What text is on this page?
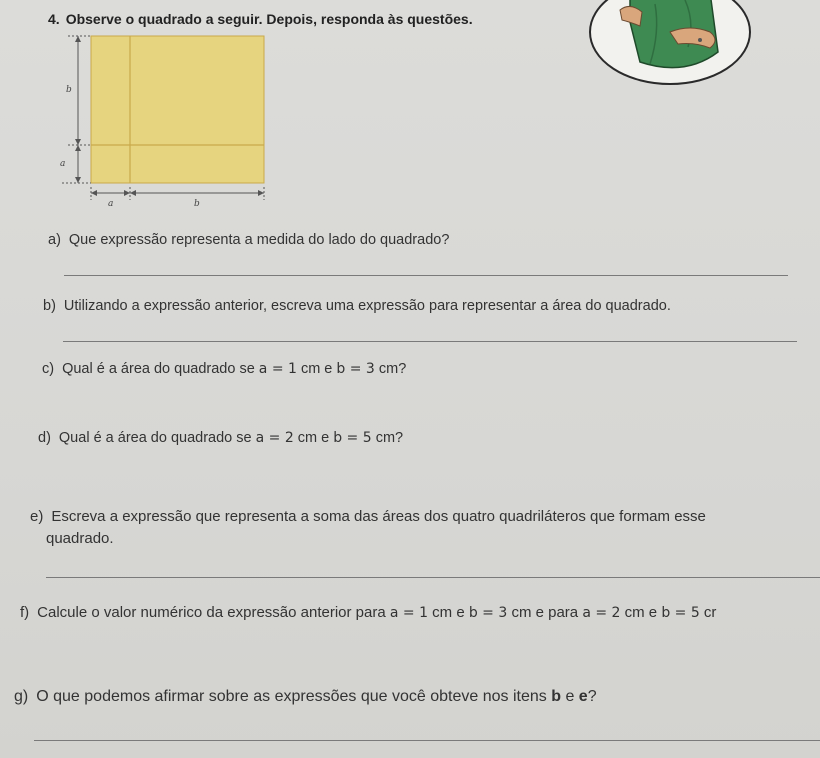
4. Observe o quadrado a seguir. Depois, responda às questões.
b
a
a	b
a) Que expressão representa a medida do lado do quadrado?
b) Utilizando a expressão anterior, escreva uma expressão para representar a área do quadrado.
c) Qual é a área do quadrado se a = 1 cm e b = 3 cm?
d) Qual é a área do quadrado se a = 2 cm e b = 5 cm?
e) Escreva a expressão que representa a soma das áreas dos quatro quadriláteros que formam esse
quadrado.
f) Calcule o valor numérico da expressão anterior para a = 1 cm e b = 3 cm e para a = 2 cm e b = 5 cr
g) O que podemos afirmar sobre as expressões que você obteve nos itens b e e?
